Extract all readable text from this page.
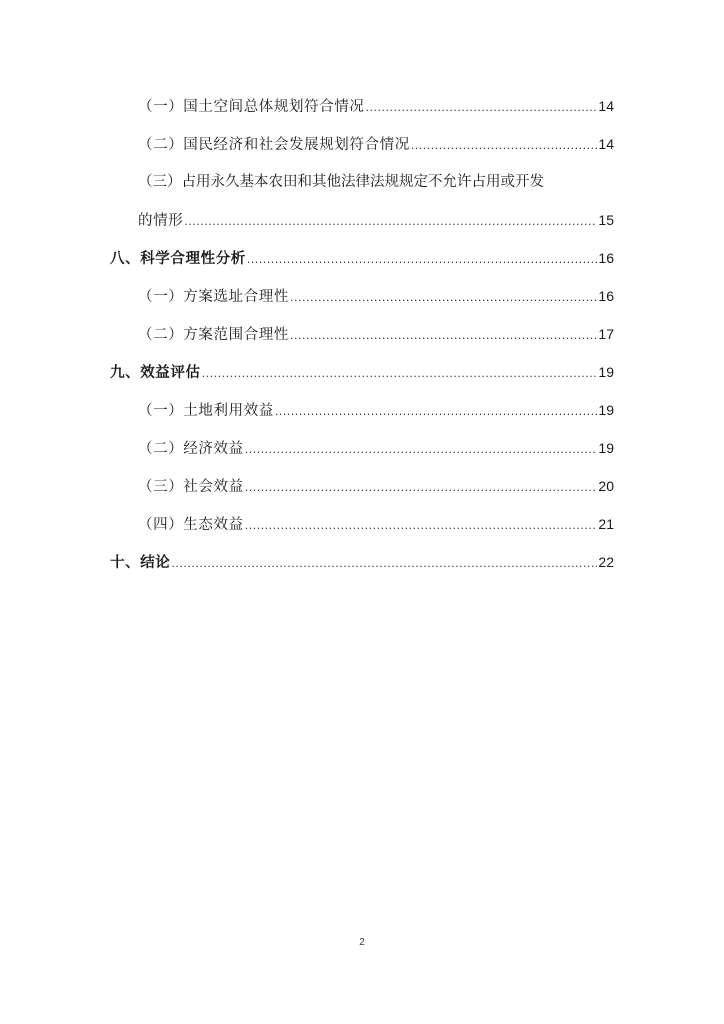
（一）国土空间总体规划符合情况 .....	14
（二）国民经济和社会发展规划符合情况 .....	14
（三）占用永久基本农田和其他法律法规规定不允许占用或开发
的情形 .....	15
八、科学合理性分析 .....	16
（一）方案选址合理性 .....	16
（二）方案范围合理性 .....	17
九、效益评估 .....	19
（一）土地利用效益 .....	19
（二）经济效益 .....	19
（三）社会效益 .....	20
（四）生态效益 .....	21
十、结论 .....	22
2
